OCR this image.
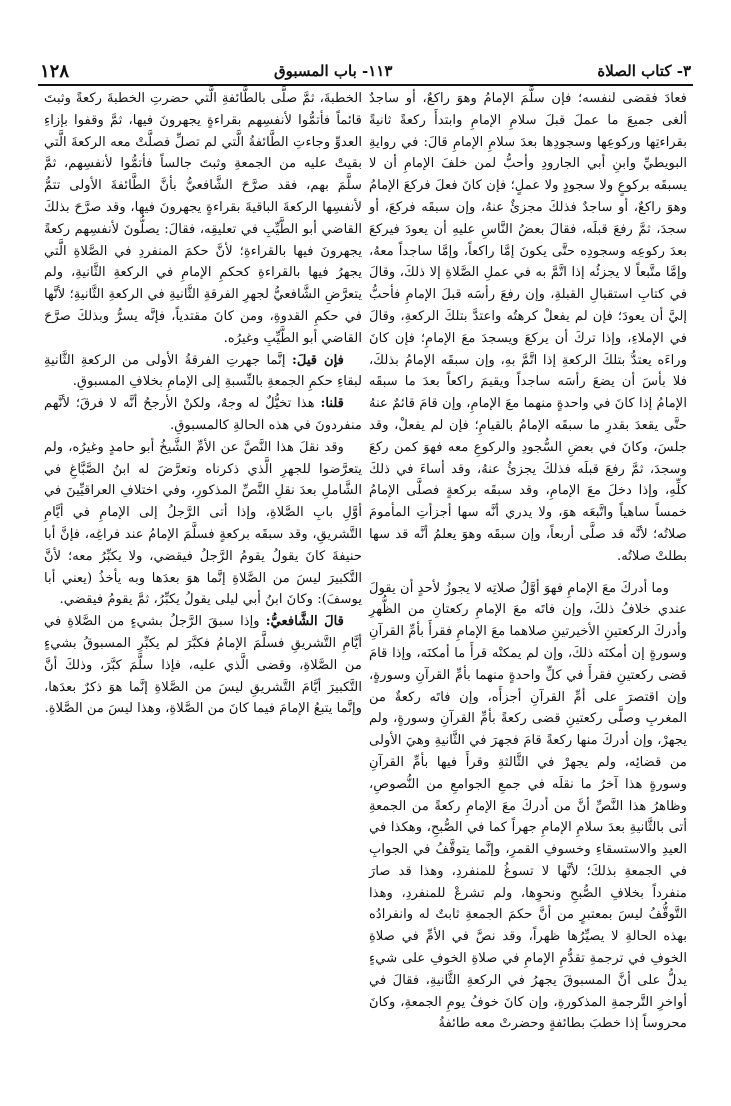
٣- كتاب الصلاة
١١٣- باب المسبوق
١٢٨

فعادَ فقضى لنفسه؛ فإن سلَّمَ الإمامُ وهوَ راكعٌ، أو ساجدٌ ألغى جميعَ ما عملَ قبلَ سلامِ الإمامِ وابتدأَ ركعةً ثانيةً بقراءتِها وركوعِها وسجودِها بعدَ سلامِ الإمامِ قالَ: في روايةِ البويطيِّ وابنِ أبي الجارودِ وأحبُّ لمن خلفَ الإمامِ أن لا يسبقَه بركوعٍ ولا سجودٍ ولا عملٍ؛ فإن كانَ فعلَ فركعَ الإمامُ وهوَ راكعٌ، أو ساجدٌ فذلكَ مجزئٌ عنهُ، وإن سبقَه فركعَ، أو سجدَ، ثمَّ رفعَ قبلَه، فقالَ بعضُ النَّاسِ عليهِ أن يعودَ فيركعَ بعدَ ركوعِه وسجودِه حتَّى يكونَ إمَّا راكعاً، وإمَّا ساجداً معهُ، وإمَّا متَّبعاً لا يجزئُه إذا اتَّمَّ به في عملِ الصَّلاةِ إلا ذلكَ، وقالَ في كتابِ استقبالِ القبلةِ، وإن رفعَ رأسَه قبلَ الإمامِ فأحبُّ إليَّ أن يعودَ؛ فإن لم يفعلْ كرهتُه واعتدَّ بتلكَ الركعةِ، وقالَ في الإملاءِ، وإذا تركَ أن يركعَ ويسجدَ معَ الإمامِ؛ فإن كانَ وراءَه يعتدُّ بتلكَ الركعةِ إذا اتَّمَّ بهِ، وإن سبقَه الإمامُ بذلكَ، فلا بأسَ أن يضعَ رأسَه ساجداً ويقيمَ راكعاً بعدَ ما سبقَه الإمامُ إذا كانَ في واحدةٍ منهما معَ الإمامِ، وإن قامَ قائمٌ عنهُ حتَّى يقعدَ بقدرِ ما سبقَه الإمامُ بالقيامِ؛ فإن لم يفعلْ، وقد جلسَ، وكانَ في بعضِ السُّجودِ والركوعِ معه فهوَ كمن ركعَ وسجدَ، ثمَّ رفعَ قبلَه فذلكَ يجزئُ عنهُ، وقد أساءَ في ذلكَ كلِّهِ، وإذا دخلَ معَ الإمامِ، وقد سبقَه بركعةٍ فصلَّى الإمامُ خمساً ساهياً واتَّبعَه هوَ، ولا يدري أنَّه سها أجزأتِ المأمومَ صلاتُه؛ لأنَّه قد صلَّى أربعاً، وإن سبقَه وهوَ يعلمُ أنَّه قد سها بطلتْ صلاتُه.

وما أدركَ معَ الإمامِ فهوَ أوَّلُ صلاتِه لا يجوزُ لأحدٍ أن يقولَ عندي خلافُ ذلكَ، وإن فاتَه معَ الإمامِ ركعتانِ من الظُّهرِ وأدركَ الركعتينِ الأخيرتينِ صلاهما معَ الإمامِ فقرأَ بأمِّ القرآنِ وسورةٍ إن أمكنَه ذلكَ، وإن لم يمكنْه قرأَ ما أمكنَه، وإذا قامَ قضى ركعتينِ فقرأَ في كلِّ واحدةٍ منهما بأمِّ القرآنِ وسورةٍ، وإن اقتصرَ على أمِّ القرآنِ أجزأَه، وإن فاتَه ركعةٌ من المغربِ وصلَّى ركعتينِ قضى ركعةً بأمِّ القرآنِ وسورةٍ، ولم يجهرْ، وإن أدركَ منها ركعةً قامَ فجهرَ في الثَّانيةِ وهيَ الأولى من قضائِه، ولم يجهرْ في الثَّالثةِ وقرأَ فيها بأمِّ القرآنِ وسورةٍ هذا آخرُ ما نقلَه في جمعِ الجوامعِ من النُّصوصِ، وظاهرُ هذا النَّصِّ أنَّ من أدركَ معَ الإمامِ ركعةً من الجمعةِ أتى بالثَّانيةِ بعدَ سلامِ الإمامِ جهراً كما في الصُّبحِ، وهكذا في العيدِ والاستسقاءِ وخسوفِ القمرِ، وإنَّما يتوقَّفُ في الجوابِ في الجمعةِ بذلكَ؛ لأنَّها لا تسوغُ للمنفردِ، وهذا قد صارَ منفرداً بخلافِ الصُّبحِ ونحوِها، ولم تشرعْ للمنفردِ، وهذا التَّوقُّفُ ليسَ بمعتبرٍ من أنَّ حكمَ الجمعةِ ثابتٌ له وانفرادُه بهذه الحالةِ لا يصيِّرُها ظهراً، وقد نصَّ في الأمِّ في صلاةِ الخوفِ في ترجمةِ تقدُّمِ الإمامِ في صلاةِ الخوفِ على شيءٍ يدلُّ على أنَّ المسبوقَ يجهرُ في الركعةِ الثَّانيةِ، فقالَ في أواخرِ التَّرجمةِ المذكورةِ، وإن كانَ خوفُ يومِ الجمعةِ، وكانَ محروساً إذا خطبَ بطائفةٍ وحضرتْ معه طائفةُ

الخطبةَ، ثمَّ صلَّى بالطَّائفةِ الَّتي حضرتِ الخطبةَ ركعةً وثبتَ قائماً فأتمُّوا لأنفسِهم بقراءةٍ يجهرونَ فيها، ثمَّ وقفوا بإزاءِ العدوِّ وجاءتِ الطَّائفةُ الَّتي لم تصلِّ فصلَّتْ معه الركعةَ الَّتي بقيتْ عليه من الجمعةِ وثبتَ جالساً فأتمُّوا لأنفسِهم، ثمَّ سلَّمَ بهم، فقد صرَّحَ الشَّافعيُّ بأنَّ الطَّائفةَ الأولى تتمُّ لأنفسِها الركعةَ الباقيةَ بقراءةٍ يجهرونَ فيها، وقد صرَّحَ بذلكَ القاضي أبو الطَّيِّبِ في تعليقِه، فقالَ: يصلُّونَ لأنفسِهم ركعةً يجهرونَ فيها بالقراءةِ؛ لأنَّ حكمَ المنفردِ في الصَّلاةِ الَّتي يجهرُ فيها بالقراءةِ كحكمِ الإمامِ في الركعةِ الثَّانيةِ، ولم يتعرَّضِ الشَّافعيُّ لجهرِ الفرقةِ الثَّانيةِ في الركعةِ الثَّانيةِ؛ لأنَّها في حكمِ القدوةِ، ومن كانَ مقتدياً، فإنَّه يسرُّ وبذلكَ صرَّحَ القاضي أبو الطَّيِّبِ وغيرُه.

فإن قيلَ: إنَّما جهرتِ الفرقةُ الأولى من الركعةِ الثَّانيةِ لبقاءِ حكمِ الجمعةِ بالنِّسبةِ إلى الإمامِ بخلافِ المسبوقِ.

قلنا: هذا تخيُّلٌ له وجهٌ، ولكنْ الأرجحُ أنَّه لا فرقَ؛ لأنَّهم منفردونَ في هذه الحالةِ كالمسبوقِ.

وقد نقلَ هذا النَّصَّ عن الأمِّ الشَّيخُ أبو حامدٍ وغيرُه، ولم يتعرَّضوا للجهرِ الَّذي ذكرناه وتعرَّضَ له ابنُ الصَّبَّاغِ في الشَّاملِ بعدَ نقلِ النَّصِّ المذكورِ، وفي اختلافِ العراقيِّينَ في أوَّلِ بابِ الصَّلاةِ، وإذا أتى الرَّجلُ إلى الإمامِ في أيَّامِ التَّشريقِ، وقد سبقَه بركعةٍ فسلَّمَ الإمامُ عند فراغِه، فإنَّ أبا حنيفةَ كانَ يقولُ يقومُ الرَّجلُ فيقضي، ولا يكبِّرُ معه؛ لأنَّ التَّكبيرَ ليسَ من الصَّلاةِ إنَّما هوَ بعدَها وبه يأخذُ (يعني أبا يوسفَ): وكانَ ابنُ أبي ليلى يقولُ يكبِّرُ، ثمَّ يقومُ فيقضي.

قالَ الشَّافعيُّ: وإذا سبقَ الرَّجلُ بشيءٍ من الصَّلاةِ في أيَّامِ التَّشريقِ فسلَّمَ الإمامُ فكبَّرَ لم يكبِّرِ المسبوقُ بشيءٍ من الصَّلاةِ، وقضى الَّذي عليه، فإذا سلَّمَ كبَّرَ، وذلكَ أنَّ التَّكبيرَ أيَّامَ التَّشريقِ ليسَ من الصَّلاةِ إنَّما هوَ ذكرٌ بعدَها، وإنَّما يتبعُ الإمامَ فيما كانَ من الصَّلاةِ، وهذا ليسَ من الصَّلاةِ.
